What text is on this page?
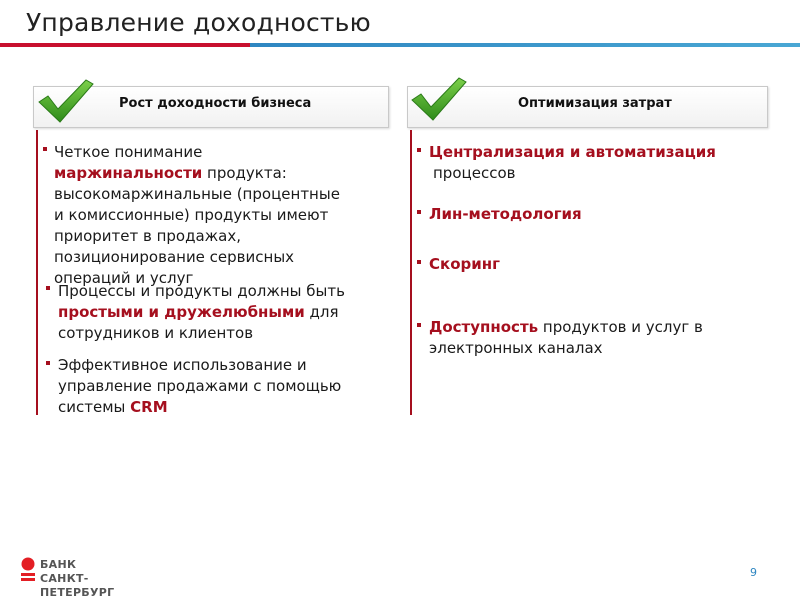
Управление доходностью
Рост доходности бизнеса	Оптимизация затрат
Четкое понимание маржинальности продукта: высокомаржинальные (процентные и комиссионные) продукты имеют приоритет в продажах, позиционирование сервисных операций и услуг
Процессы и продукты должны быть простыми и дружелюбными для сотрудников и клиентов
Эффективное использование и управление продажами с помощью системы CRM
Централизация и автоматизация
процессов
Лин-методология
Скоринг
Доступность продуктов и услуг в электронных каналах
БАНК
САНКТ-ПЕТЕРБУРГ
9
